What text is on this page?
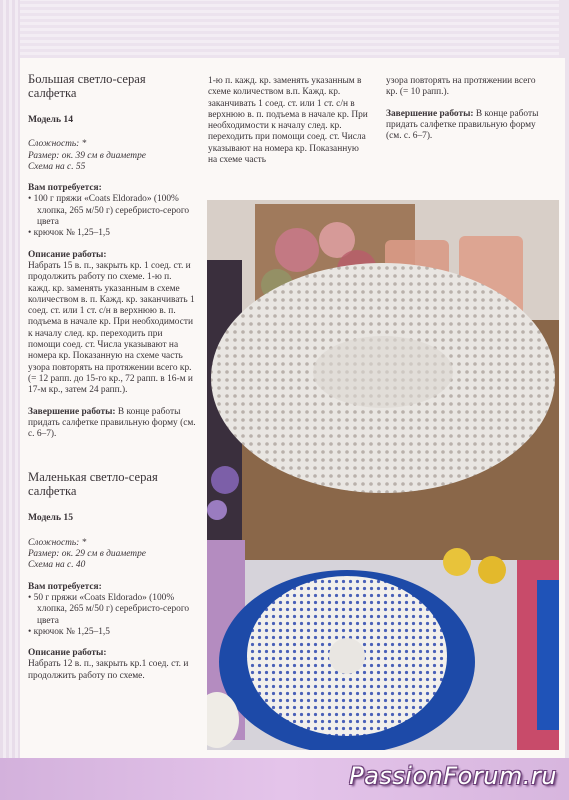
Большая светло-серая салфетка
Модель 14
Сложность: *
Размер: ок. 39 см в диаметре
Схема на с. 55
Вам потребуется:
• 100 г пряжи «Coats Eldorado» (100% хлопка, 265 м/50 г) серебристо-серого цвета
• крючок № 1,25–1,5
Описание работы:
Набрать 15 в. п., закрыть кр. 1 соед. ст. и продолжить работу по схеме. 1-ю п. кажд. кр. заменять указанным в схеме количеством в. п. Кажд. кр. заканчивать 1 соед. ст. или 1 ст. с/н в верхнюю в. п. подъема в начале кр. При необходимости к началу след. кр. переходить при помощи соед. ст. Числа указывают на номера кр. Показанную на схеме часть узора повторять на протяжении всего кр. (= 12 рапп. до 15-го кр., 72 рапп. в 16-м и 17-м кр., затем 24 рапп.).
Завершение работы: В конце работы придать салфетке правильную форму (см. с. 6–7).
Маленькая светло-серая салфетка
Модель 15
Сложность: *
Размер: ок. 29 см в диаметре
Схема на с. 40
Вам потребуется:
• 50 г пряжи «Coats Eldorado» (100% хлопка, 265 м/50 г) серебристо-серого цвета
• крючок № 1,25–1,5
Описание работы:
Набрать 12 в. п., закрыть кр.1 соед. ст. и продолжить работу по схеме.
1-ю п. кажд. кр. заменять указанным в схеме количеством в.п. Кажд. кр. заканчивать 1 соед. ст. или 1 ст. с/н в верхнюю в. п. подъема в начале кр. При необходимости к началу след. кр. переходить при помощи соед. ст. Числа указывают на номера кр. Показанную на схеме часть
узора повторять на протяжении всего кр. (= 10 рапп.).
Завершение работы: В конце работы придать салфетке правильную форму (см. с. 6–7).
PassionForum.ru
